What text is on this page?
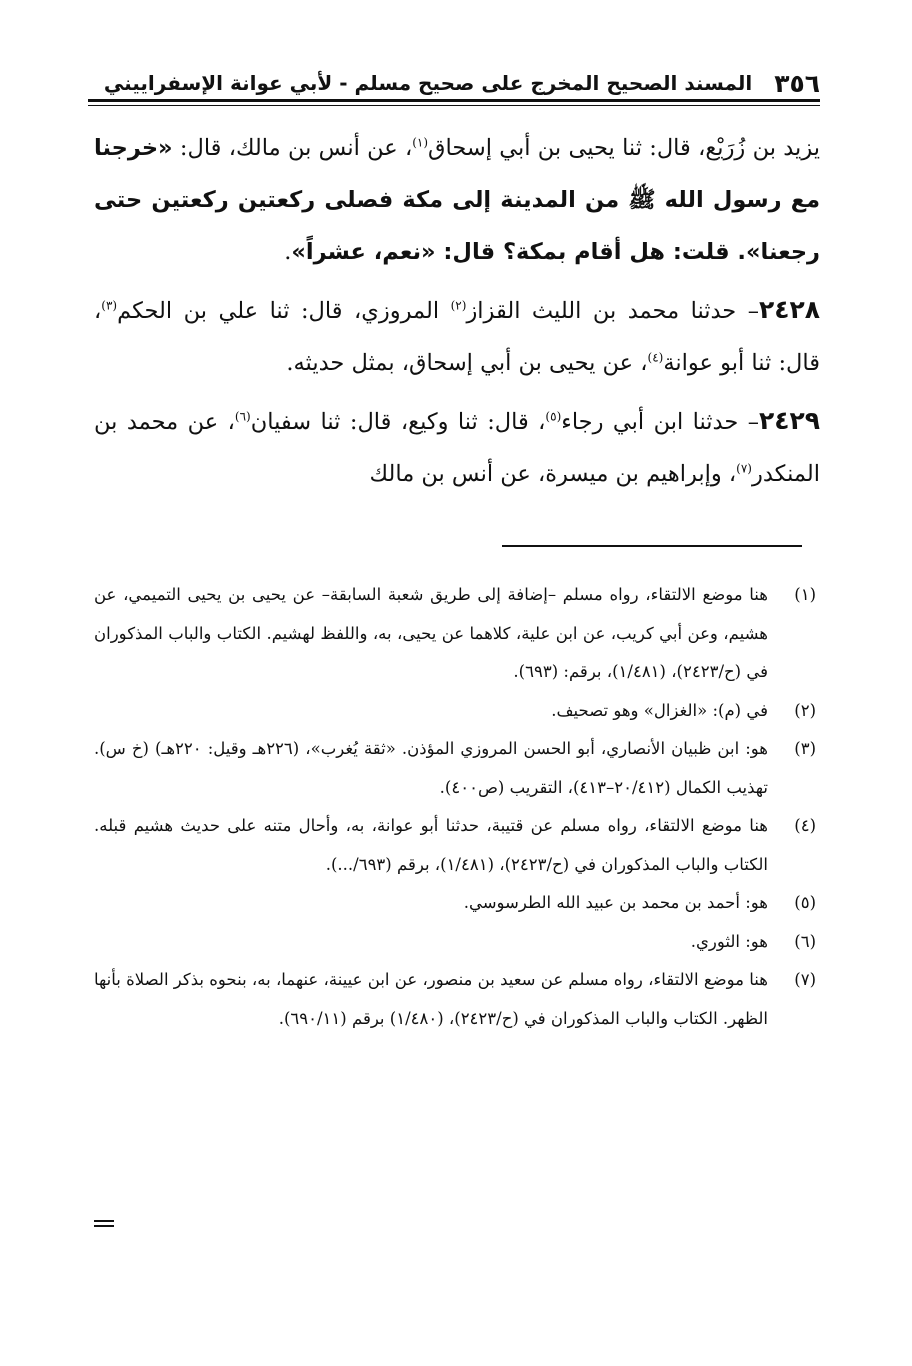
٣٥٦
المسند الصحيح المخرج على صحيح مسلم - لأبي عوانة الإسفراييني

يزيد بن زُرَيْع، قال: ثنا يحيى بن أبي إسحاق$^{(١)}$، عن أنس بن مالك، قال: «خرجنا مع رسول الله ﷺ من المدينة إلى مكة فصلى ركعتين ركعتين حتى رجعنا». قلت: هل أقام بمكة؟ قال: «نعم، عشراً».

٢٤٢٨– حدثنا محمد بن الليث القزاز$^{(٢)}$ المروزي، قال: ثنا علي بن الحكم$^{(٣)}$، قال: ثنا أبو عوانة$^{(٤)}$، عن يحيى بن أبي إسحاق، بمثل حديثه.

٢٤٢٩– حدثنا ابن أبي رجاء$^{(٥)}$، قال: ثنا وكيع، قال: ثنا سفيان$^{(٦)}$، عن محمد بن المنكدر$^{(٧)}$، وإبراهيم بن ميسرة، عن أنس بن مالك

(١)
هنا موضع الالتقاء، رواه مسلم –إضافة إلى طريق شعبة السابقة– عن يحيى بن يحيى التميمي، عن هشيم، وعن أبي كريب، عن ابن علية، كلاهما عن يحيى، به، واللفظ لهشيم. الكتاب والباب المذكوران في (ح/٢٤٢٣)، (١/٤٨١)، برقم: (٦٩٣).

(٢)
في (م): «الغزال» وهو تصحيف.

(٣)
هو: ابن ظبيان الأنصاري، أبو الحسن المروزي المؤذن. «ثقة يُغرب»، (٢٢٦هـ وقيل: ٢٢٠هـ) (خ س). تهذيب الكمال (٢٠/٤١٢–٤١٣)، التقريب (ص٤٠٠).

(٤)
هنا موضع الالتقاء، رواه مسلم عن قتيبة، حدثنا أبو عوانة، به، وأحال متنه على حديث هشيم قبله. الكتاب والباب المذكوران في (ح/٢٤٢٣)، (١/٤٨١)، برقم (٦٩٣/...).

(٥)
هو: أحمد بن محمد بن عبيد الله الطرسوسي.

(٦)
هو: الثوري.

(٧)
هنا موضع الالتقاء، رواه مسلم عن سعيد بن منصور، عن ابن عيينة، عنهما، به، بنحوه بذكر الصلاة بأنها الظهر. الكتاب والباب المذكوران في (ح/٢٤٢٣)، (١/٤٨٠) برقم (٦٩٠/١١).
